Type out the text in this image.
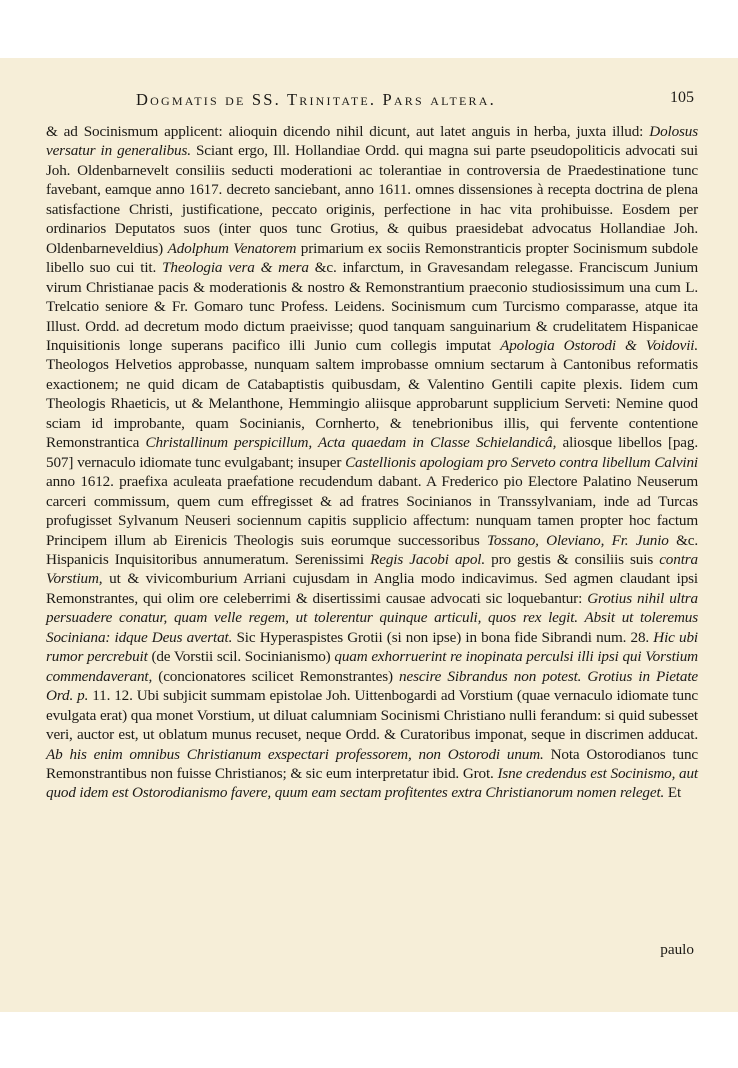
Dogmatis de SS. Trinitate. Pars altera.	105

& ad Socinismum applicent: alioquin dicendo nihil dicunt, aut latet anguis in herba, juxta illud: Dolosus versatur in generalibus. Sciant ergo, Ill. Hollandiae Ordd. qui magna sui parte pseudopoliticis advocati sui Joh. Oldenbarnevelt consiliis seducti moderationi ac tolerantiae in controversia de Praedestinatione tunc favebant, eamque anno 1617. decreto sanciebant, anno 1611. omnes dissensiones à recepta doctrina de plena satisfactione Christi, justificatione, peccato originis, perfectione in hac vita prohibuisse. Eosdem per ordinarios Deputatos suos (inter quos tunc Grotius, & quibus praesidebat advocatus Hollandiae Joh. Oldenbarneveldius) Adolphum Venatorem primarium ex sociis Remonstranticis propter Socinismum subdole libello suo cui tit. Theologia vera & mera &c. infarctum, in Gravesandam relegasse. Franciscum Junium virum Christianae pacis & moderationis & nostro & Remonstrantium praeconio studiosissimum una cum L. Trelcatio seniore & Fr. Gomaro tunc Profess. Leidens. Socinismum cum Turcismo comparasse, atque ita Illust. Ordd. ad decretum modo dictum praeivisse; quod tanquam sanguinarium & crudelitatem Hispanicae Inquisitionis longe superans pacifico illi Junio cum collegis imputat Apologia Ostorodi & Voidovii. Theologos Helvetios approbasse, nunquam saltem improbasse omnium sectarum à Cantonibus reformatis exactionem; ne quid dicam de Catabaptistis quibusdam, & Valentino Gentili capite plexis. Iidem cum Theologis Rhaeticis, ut & Melanthone, Hemmingio aliisque approbarunt supplicium Serveti: Nemine quod sciam id improbante, quam Socinianis, Cornherto, & tenebrionibus illis, qui fervente contentione Remonstrantica Christallinum perspicillum, Acta quaedam in Classe Schielandicâ, aliosque libellos [pag. 507] vernaculo idiomate tunc evulgabant; insuper Castellionis apologiam pro Serveto contra libellum Calvini anno 1612. praefixa aculeata praefatione recudendum dabant. A Frederico pio Electore Palatino Neuserum carceri commissum, quem cum effregisset & ad fratres Socinianos in Transsylvaniam, inde ad Turcas profugisset Sylvanum Neuseri sociennum capitis supplicio affectum: nunquam tamen propter hoc factum Principem illum ab Eirenicis Theologis suis eorumque successoribus Tossano, Oleviano, Fr. Junio &c. Hispanicis Inquisitoribus annumeratum. Serenissimi Regis Jacobi apol. pro gestis & consiliis suis contra Vorstium, ut & vivicomburium Arriani cujusdam in Anglia modo indicavimus. Sed agmen claudant ipsi Remonstrantes, qui olim ore celeberrimi & disertissimi causae advocati sic loquebantur: Grotius nihil ultra persuadere conatur, quam velle regem, ut tolerentur quinque articuli, quos rex legit. Absit ut toleremus Sociniana: idque Deus avertat. Sic Hyperaspistes Grotii (si non ipse) in bona fide Sibrandi num. 28. Hic ubi rumor percrebuit (de Vorstii scil. Socinianismo) quam exhorruerint re inopinata perculsi illi ipsi qui Vorstium commendaverant, (concionatores scilicet Remonstrantes) nescire Sibrandus non potest. Grotius in Pietate Ord. p. 11. 12. Ubi subjicit summam epistolae Joh. Uittenbogardi ad Vorstium (quae vernaculo idiomate tunc evulgata erat) qua monet Vorstium, ut diluat calumniam Socinismi Christiano nulli ferandum: si quid subesset veri, auctor est, ut oblatum munus recuset, neque Ordd. & Curatoribus imponat, seque in discrimen adducat. Ab his enim omnibus Christianum exspectari professorem, non Ostorodi unum. Nota Ostorodianos tunc Remonstrantibus non fuisse Christianos; & sic eum interpretatur ibid. Grot. Isne credendus est Socinismo, aut quod idem est Ostorodianismo favere, quum eam sectam profitentes extra Christianorum nomen releget. Et

paulo
